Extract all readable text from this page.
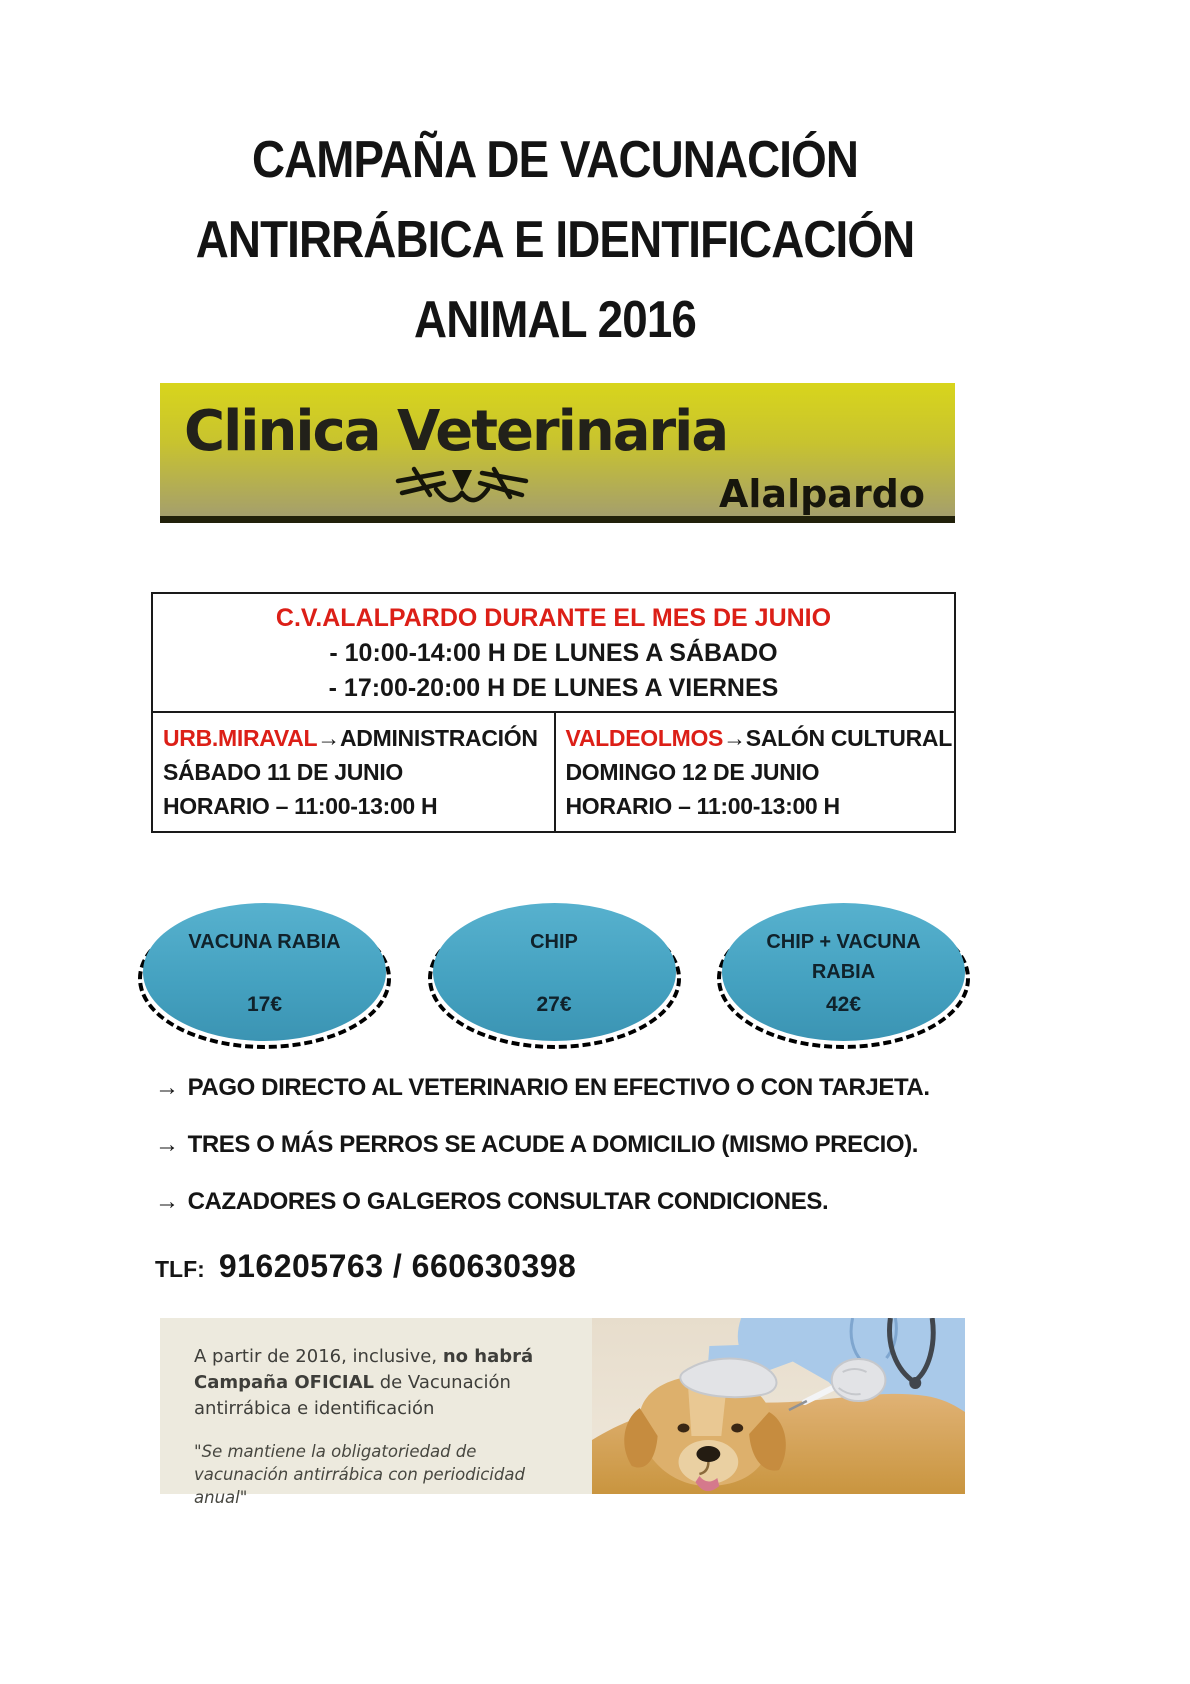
CAMPAÑA DE VACUNACIÓN
ANTIRRÁBICA E IDENTIFICACIÓN
ANIMAL 2016
Clinica Veterinaria
Alalpardo
C.V.ALALPARDO DURANTE EL MES DE JUNIO
- 10:00-14:00 H DE LUNES A SÁBADO
- 17:00-20:00 H DE LUNES A VIERNES
URB.MIRAVAL→ADMINISTRACIÓN
SÁBADO 11 DE JUNIO
HORARIO – 11:00-13:00 H
VALDEOLMOS→SALÓN CULTURAL
DOMINGO 12 DE JUNIO
HORARIO – 11:00-13:00 H
VACUNA RABIA
17€
CHIP
27€
CHIP + VACUNA
RABIA
42€
→ PAGO DIRECTO AL VETERINARIO EN EFECTIVO O CON TARJETA.
→ TRES O MÁS PERROS SE ACUDE A DOMICILIO (MISMO PRECIO).
→ CAZADORES O GALGEROS CONSULTAR CONDICIONES.
TLF: 916205763 / 660630398

A partir de 2016, inclusive, no habrá Campaña OFICIAL de Vacunación antirrábica e identificación

"Se mantiene la obligatoriedad de vacunación antirrábica con periodicidad anual"
